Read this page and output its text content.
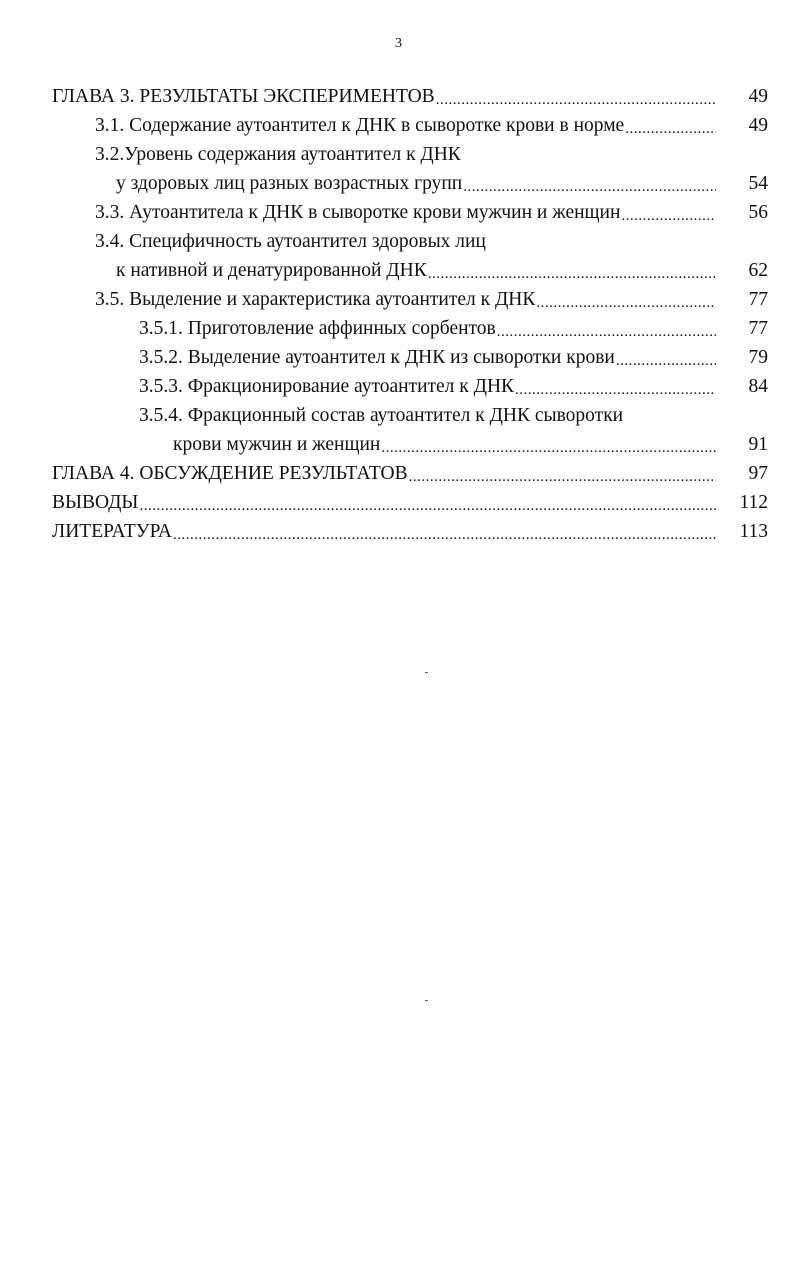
3
ГЛАВА 3. РЕЗУЛЬТАТЫ ЭКСПЕРИМЕНТОВ .....	49
3.1. Содержание аутоантител к ДНК в сыворотке крови в норме .....	49
3.2.Уровень содержания аутоантител к ДНК
у здоровых лиц разных возрастных групп .....	54
3.3. Аутоантитела к ДНК в сыворотке крови мужчин и женщин .....	56
3.4. Специфичность аутоантител здоровых лиц
к нативной и денатурированной ДНК .....	62
3.5. Выделение и характеристика аутоантител к ДНК .....	77
3.5.1. Приготовление аффинных сорбентов .....	77
3.5.2. Выделение аутоантител к ДНК из сыворотки крови .....	79
3.5.3. Фракционирование аутоантител к ДНК .....	84
3.5.4. Фракционный состав аутоантител к ДНК сыворотки
крови мужчин и женщин .....	91
ГЛАВА 4. ОБСУЖДЕНИЕ РЕЗУЛЬТАТОВ .....	97
ВЫВОДЫ .....	112
ЛИТЕРАТУРА .....	113
